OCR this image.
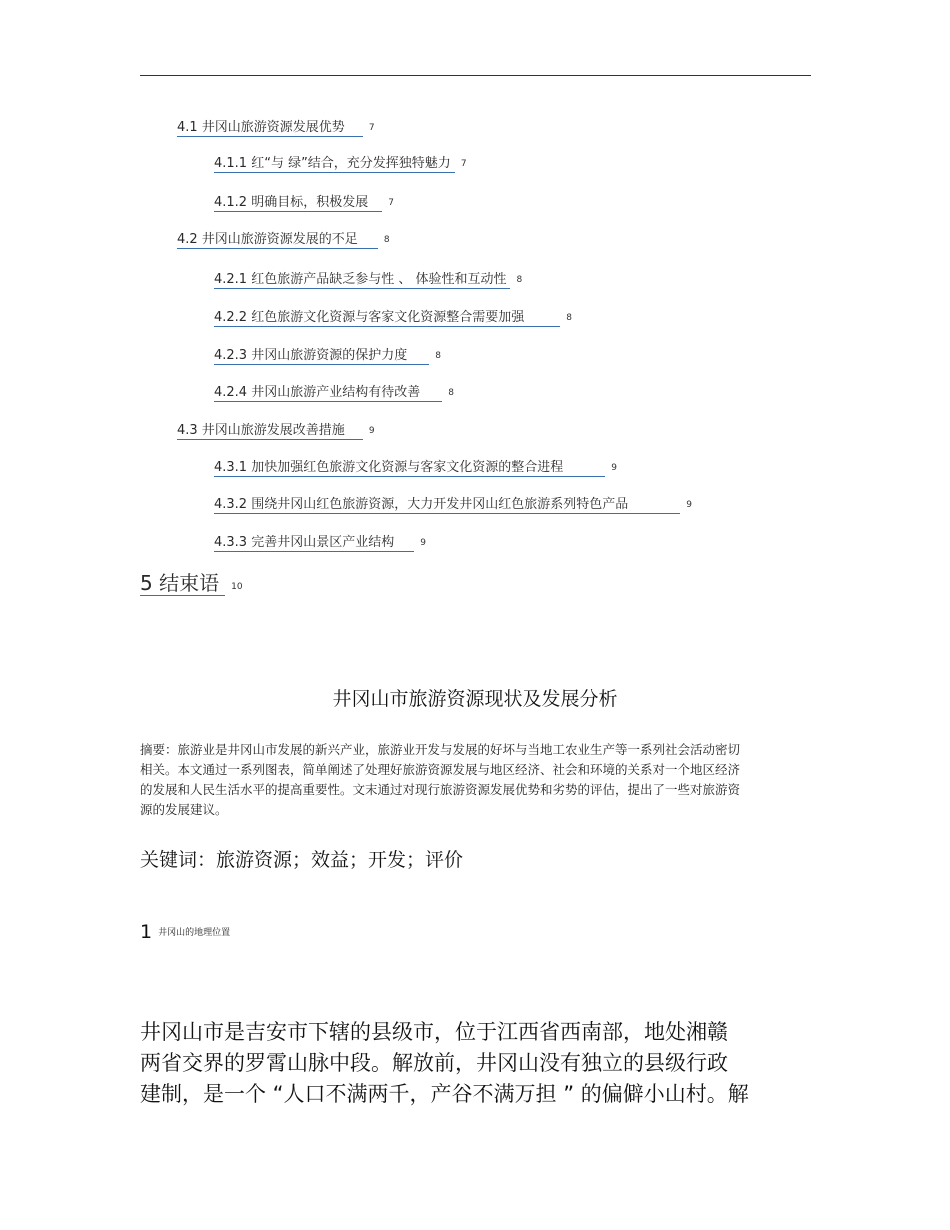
4.1 井冈山旅游资源发展优势	7
4.1.1 红“与 绿”结合，充分发挥独特魅力 7
4.1.2 明确目标，积极发展 7
4.2 井冈山旅游资源发展的不足	8
4.2.1 红色旅游产品缺乏参与性 、 体验性和互动性 8
4.2.2 红色旅游文化资源与客家文化资源整合需要加强	8
4.2.3 井冈山旅游资源的保护力度	8
4.2.4 井冈山旅游产业结构有待改善	8
4.3 井冈山旅游发展改善措施	9
4.3.1 加快加强红色旅游文化资源与客家文化资源的整合进程	9
4.3.2 围绕井冈山红色旅游资源，大力开发井冈山红色旅游系列特色产品	9
4.3.3 完善井冈山景区产业结构	9
5 结束语 10
井冈山市旅游资源现状及发展分析
摘要：旅游业是井冈山市发展的新兴产业，旅游业开发与发展的好坏与当地工农业生产等一系列社会活动密切相关。本文通过一系列图表，简单阐述了处理好旅游资源发展与地区经济、社会和环境的关系对一个地区经济的发展和人民生活水平的提高重要性。文末通过对现行旅游资源发展优势和劣势的评估，提出了一些对旅游资源的发展建议。
关键词：旅游资源；效益；开发；评价
1 井冈山的地理位置
井冈山市是吉安市下辖的县级市，位于江西省西南部，地处湘赣
两省交界的罗霄山脉中段。解放前，井冈山没有独立的县级行政
建制，是一个 “人口不满两千，产谷不满万担 ” 的偏僻小山村。解
